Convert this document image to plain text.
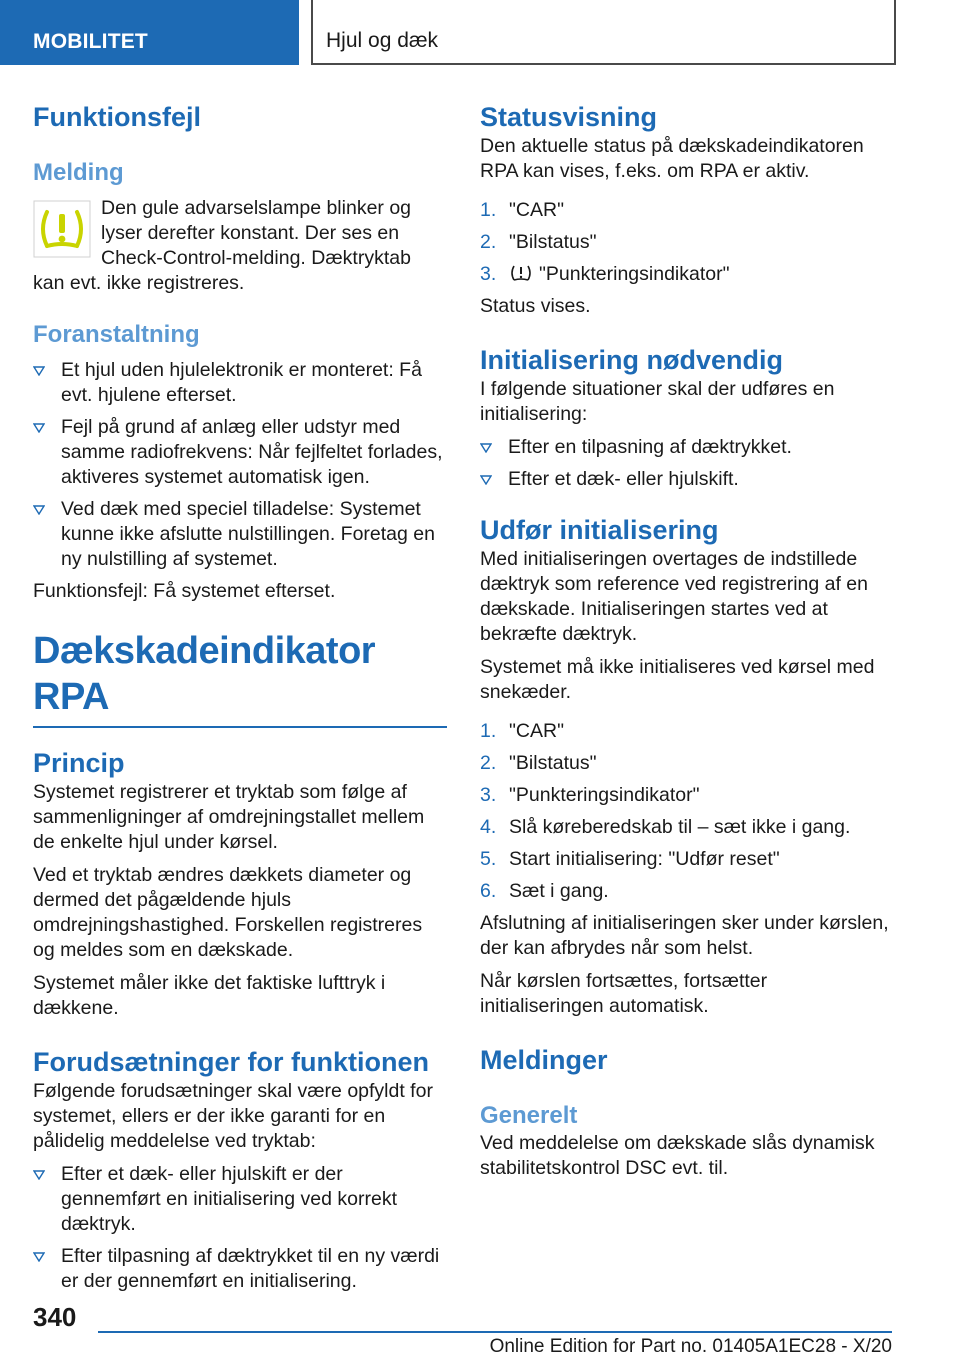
MOBILITET	Hjul og dæk
Funktionsfejl
Melding

Den gule advarselslampe blinker og lyser derefter konstant. Der ses en Check-Control-melding. Dæktryktab kan evt. ikke registreres.

Foranstaltning
Et hjul uden hjulelektronik er monteret: Få evt. hjulene efterset.
Fejl på grund af anlæg eller udstyr med samme radiofrekvens: Når fejlfeltet forlades, aktiveres systemet automatisk igen.
Ved dæk med speciel tilladelse: Systemet kunne ikke afslutte nulstillingen. Foretag en ny nulstilling af systemet.

Funktionsfejl: Få systemet efterset.

Dækskadeindikator RPA
Princip

Systemet registrerer et tryktab som følge af sammenligninger af omdrejningstallet mellem de enkelte hjul under kørsel.

Ved et tryktab ændres dækkets diameter og dermed det pågældende hjuls omdrejningshastighed. Forskellen registreres og meldes som en dækskade.

Systemet måler ikke det faktiske lufttryk i dækkene.

Forudsætninger for funktionen

Følgende forudsætninger skal være opfyldt for systemet, ellers er der ikke garanti for en pålidelig meddelelse ved tryktab:

Efter et dæk- eller hjulskift er der gennemført en initialisering ved korrekt dæktryk.
Efter tilpasning af dæktrykket til en ny værdi er der gennemført en initialisering.
Statusvisning

Den aktuelle status på dækskadeindikatoren RPA kan vises, f.eks. om RPA er aktiv.

1. "CAR"
2. "Bilstatus"
3. "Punkteringsindikator"

Status vises.

Initialisering nødvendig

I følgende situationer skal der udføres en initialisering:

Efter en tilpasning af dæktrykket.
Efter et dæk- eller hjulskift.
Udfør initialisering

Med initialiseringen overtages de indstillede dæktryk som reference ved registrering af en dækskade. Initialiseringen startes ved at bekræfte dæktryk.

Systemet må ikke initialiseres ved kørsel med snekæder.

1. "CAR"
2. "Bilstatus"
3. "Punkteringsindikator"
4. Slå køreberedskab til – sæt ikke i gang.
5. Start initialisering: "Udfør reset"
6. Sæt i gang.

Afslutning af initialiseringen sker under kørslen, der kan afbrydes når som helst.

Når kørslen fortsættes, fortsætter initialiseringen automatisk.

Meldinger
Generelt

Ved meddelelse om dækskade slås dynamisk stabilitetskontrol DSC evt. til.

340
Online Edition for Part no. 01405A1EC28 - X/20
